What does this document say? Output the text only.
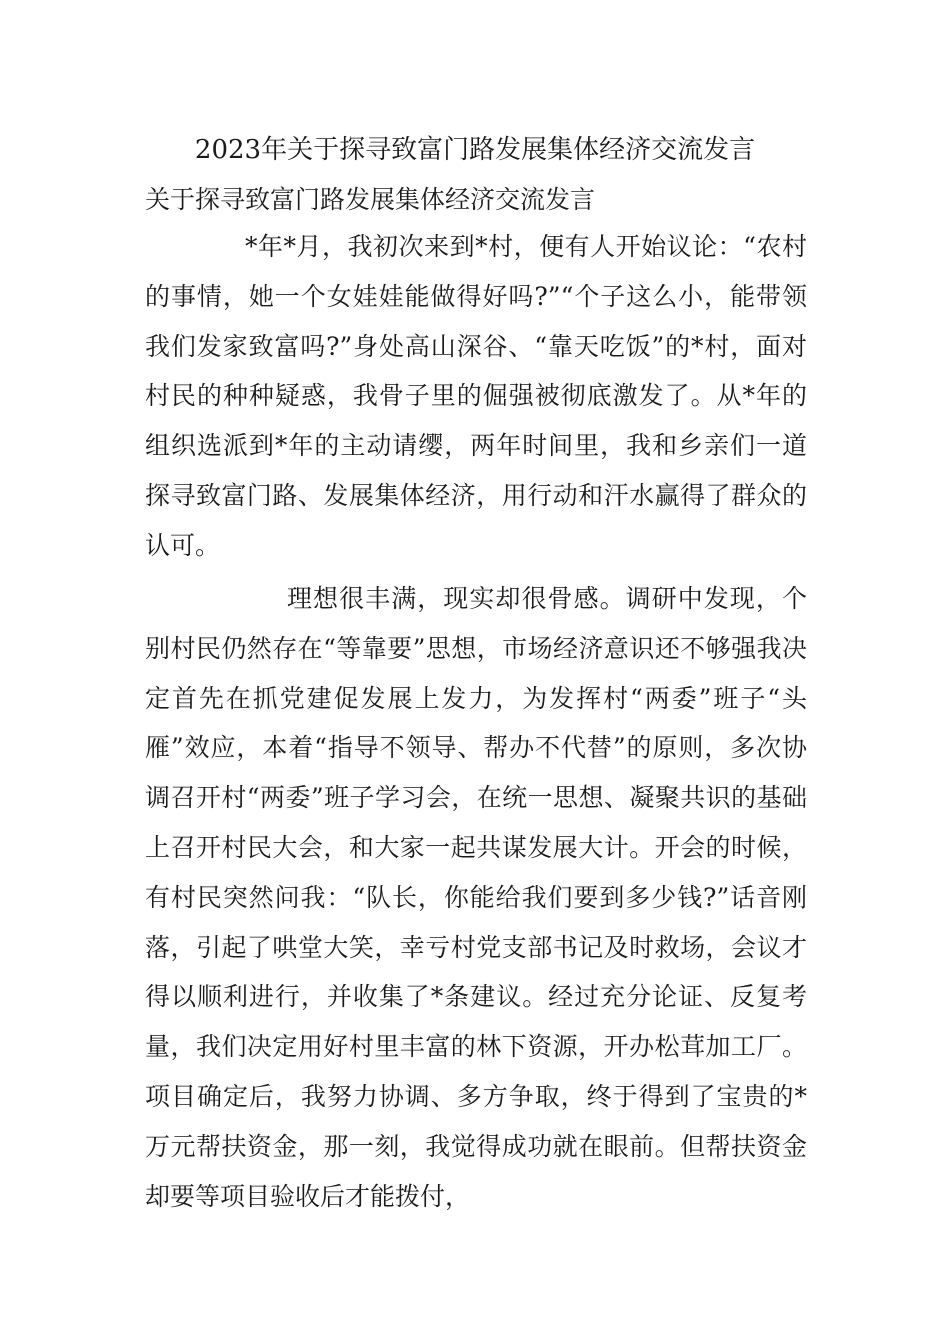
2023年关于探寻致富门路发展集体经济交流发言

关于探寻致富门路发展集体经济交流发言

*年*月，我初次来到*村，便有人开始议论：“农村的事情，她一个女娃娃能做得好吗?”“个子这么小，能带领我们发家致富吗?”身处高山深谷、“靠天吃饭”的*村，面对村民的种种疑惑，我骨子里的倔强被彻底激发了。从*年的组织选派到*年的主动请缨，两年时间里，我和乡亲们一道探寻致富门路、发展集体经济，用行动和汗水赢得了群众的认可。

理想很丰满，现实却很骨感。调研中发现，个别村民仍然存在“等靠要”思想，市场经济意识还不够强我决定首先在抓党建促发展上发力，为发挥村“两委”班子“头雁”效应，本着“指导不领导、帮办不代替”的原则，多次协调召开村“两委”班子学习会，在统一思想、凝聚共识的基础上召开村民大会，和大家一起共谋发展大计。开会的时候，有村民突然问我：“队长，你能给我们要到多少钱?”话音刚落，引起了哄堂大笑，幸亏村党支部书记及时救场，会议才得以顺利进行，并收集了*条建议。经过充分论证、反复考量，我们决定用好村里丰富的林下资源，开办松茸加工厂。项目确定后，我努力协调、多方争取，终于得到了宝贵的*万元帮扶资金，那一刻，我觉得成功就在眼前。但帮扶资金却要等项目验收后才能拨付，
